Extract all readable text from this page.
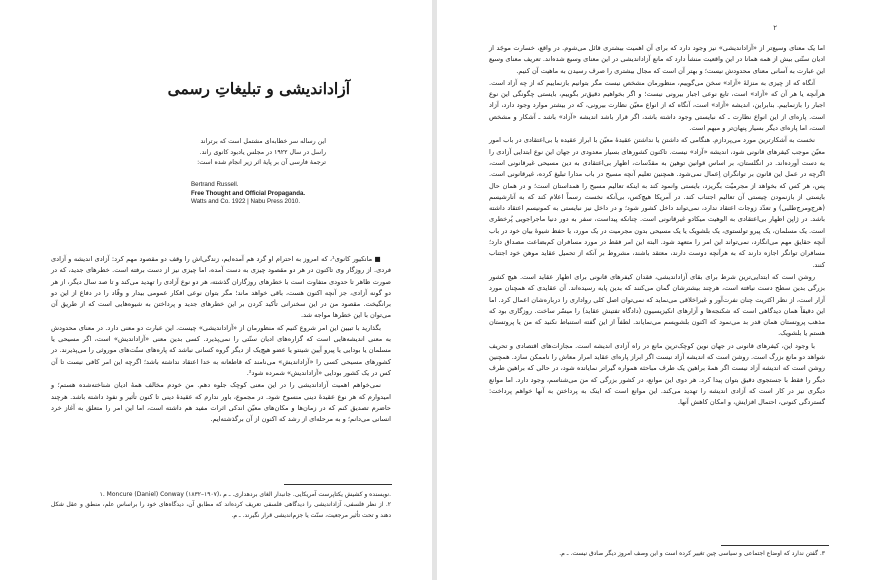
آزاداندیشی و تبلیغاتِ رسمی
این رساله سر خطابه‌ای مشتمل است که برتراند راسل در سال ۱۹۲۲ در مجلس یادبود کانوی راند. ترجمهٔ فارسی آن بر پایهٔ اثر زیر انجام شده است:
Bertrand Russell.
Free Thought and Official Propaganda.
Watts and Co. 1922 | Nabu Press 2010.

■ مانکیور کانوی¹، که امروز به احترام او گرد هم آمده‌ایم، زندگی‌اش را وقف دو مقصود مهم کرد: آزادی اندیشه و آزادی فردی. از روزگار وی تاکنون در هر دو مقصود چیزی به دست آمده، اما چیزی نیز از دست برفته است. خطرهای جدید، که در صورت ظاهر تا حدودی متفاوت است با خطرهای روزگاران گذشته، هر دو نوع آزادی را تهدید می‌کند و تا صد سال دیگر، از هر دو گونه آزادی، جز آنچه اکنون هست، باقی خواهد ماند؛ مگر بتوان نوعی افکار عمومی بیدار و وقّاد را در دفاع از این دو برانگیخت. مقصود من در این سخنرانی تأکید کردن بر این خطرهای جدید و پرداختن به شیوه‌هایی است که از طریق آن می‌توان با این خطرها مواجه شد.

بگذارید با تبیین این امر شروع کنیم که منظورمان از «آزاداندیشی» چیست. این عبارت دو معنی دارد. در معنای محدودش به معنی اندیشه‌هایی است که گزاره‌های ادیان سنّتی را نمی‌پذیرد. کسی بدین معنی «آزاداندیش» است، اگر مسیحی یا مسلمان یا بودایی یا پیرو آیین شینتو یا عضو هیچ‌یک از دیگر گروه کسانی نباشد که پاره‌های سنّت‌های موروثی را می‌پذیرند. در کشورهای مسیحی کسی را «آزاداندیش» می‌نامند که قاطعانه به خدا اعتقاد نداشته باشد؛ اگرچه این امر کافی نیست تا آن کس در یک کشور بودایی «آزاداندیش» شمرده شود².

نمی‌خواهم اهمیت آزاداندیشی را در این معنی کوچک جلوه دهم. من خودم مخالف همهٔ ادیان شناخته‌شده هستم؛ و امیدوارم که هر نوع عقیدهٔ دینی منسوخ شود. در مجموع، باور ندارم که عقیدهٔ دینی تا کنون تأثیر و نفوذ داشته باشد. هرچند حاضرم تصدیق کنم که در زمان‌ها و مکان‌های معیّن اندکی اثرات مفید هم داشته است، اما این امر را متعلق به آغاز خرد انسانی می‌دانم؛ و به مرحله‌ای از رشد که اکنون از آن برگذشته‌ایم.

۱. Moncure (Daniel) Conway (۱۸۳۲–۱۹۰۷)، نویسنده و کشیش یکتاپرست آمریکایی. جانبدار الغای بردهداری. ـ م.

۲. از نظر فلسفی، آزاداندیشی را دیدگاهی فلسفی تعریف کرده‌اند که مطابق آن، دیدگاه‌های خود را براساس علم، منطق و عقل شکل دهند و تحت تأثیر مرجعیت، سنّت یا جزم‌اندیشی قرار نگیرند. ـ م.

۲

اما یک معنای وسیع‌تر از «آزاداندیشی» نیز وجود دارد که برای آن اهمیت بیشتری قائل می‌شوم. در واقع، خسارت موجَد از ادیان سنّتی بیش از همه همانا در این واقعیت منشأ دارد که مانع آزاداندیشی در این معنای وسیع شده‌اند. تعریف معنای وسیع این عبارت به آسانی معنای محدودش نیست؛ و بهتر آن است که مجال بیشتری را صرف رسیدن به ماهیت آن کنیم.

آنگاه که از چیزی به منزلهٔ «آزاد» سخن می‌گوییم، منظورمان مشخص نیست مگر بتوانیم بازنماییم که از چه آزاد است. هرآنچه یا هر آن که «آزاد» است، تابع نوعی اجبار بیرونی نیست؛ و اگر بخواهیم دقیق‌تر بگوییم، بایستی چگونگی این نوع اجبار را بازنماییم. بنابراین، اندیشه «آزاد» است، آنگاه که از انواع معیّن نظارت بیرونی، که در بیشتر موارد وجود دارد، آزاد است. پاره‌ای از این انواع نظارت ـ که نبایستی وجود داشته باشد، اگر قرار باشد اندیشه «آزاد» باشد ـ آشکار و مشخص است، اما پاره‌ای دیگر بسیار پنهان‌تر و مبهم است.

نخست به آشکارترین مورد می‌پردازم. هنگامی که داشتن یا نداشتن عقیدهٔ معیّن با ابراز عقیده یا بی‌اعتقادی در باب امور معیّن موجب کیفرهای قانونی شود، اندیشه «آزاد» نیست. تاکنون کشورهای بسیار معدودی در جهان این نوع ابتدایی آزادی را به دست آورده‌اند. در انگلستان، بر اساس قوانین توهین به مقدّسات، اظهار بی‌اعتقادی به دین مسیحی غیرقانونی است، اگرچه در عمل این قانون بر توانگران اِعمال نمی‌شود. همچنین تعلیم آنچه مسیح در باب مدارا تبلیغ کرده، غیرقانونی است. پس، هر کس که بخواهد از مجرمیّت بگریزد، بایستی وانمود کند به اینکه تعالیم مسیح را همداستان است؛ و در همان حال بایستی از بازنمودن چیستی آن تعالیم اجتناب کند. در آمریکا هیچ‌کس، بی‌آنکه نخست رسماً اعلام کند که به آنارشیسم (هرج‌ومرج‌طلبی) و تعدّد زوجات اعتقاد ندارد، نمی‌تواند داخل کشور شود؛ و در داخل نیز نبایستی به کمونیسم اعتقاد داشته باشد. در ژاپن اظهار بی‌اعتقادی به الوهیت میکادو غیرقانونی است. چنانکه پیداست، سفر به دور دنیا ماجراجویی پُرخطری است. یک مسلمان، یک پیرو تولستوی، یک بلشویک یا یک مسیحی بدون مجرمیت در یک مورد، یا حفظ شیوهٔ بیان خود در باب آنچه حقایق مهم می‌انگارد، نمی‌تواند این امر را متعهد شود. البته این امر فقط در مورد مسافران کم‌بضاعت مصداق دارد؛ مسافران توانگر اجازه دارند که به هرآنچه دوست دارند، معتقد باشند، مشروط بر آنکه از تحمیل عقاید موهن خود اجتناب کنند.

روشن است که ابتدایی‌ترین شرط برای بقای آزاداندیشی، فقدان کیفرهای قانونی برای اظهار عقاید است. هیچ کشور بزرگی بدین سطح دست نیافته است، هرچند بیشترشان گمان می‌کنند که بدین پایه رسیده‌اند. آن عقایدی که همچنان مورد آزار است، از نظر اکثریت چنان نفرت‌آور و غیراخلاقی می‌نماید که نمی‌توان اصل کلی رواداری را درباره‌شان اعمال کرد. اما این دقیقاً همان دیدگاهی است که شکنجه‌ها و آزارهای انکیزیسیون (دادگاه تفتیش عقاید) را میسّر ساخت. روزگاری بود که مذهب پروتستان همان قدر بد می‌نمود که اکنون بلشویسم می‌نمایاند. لطفاً از این گفته استنباط نکنید که من یا پروتستان هستم یا بلشویک.

با وجود این، کیفرهای قانونی در جهان نوین کوچک‌ترین مانع در راه آزادی اندیشه است. مجازات‌های اقتصادی و تحریف شواهد دو مانع بزرگ است. روشن است که اندیشه آزاد نیست اگر ابراز پاره‌ای عقاید امرار معاش را ناممکن سازد. همچنین روشن است که اندیشه آزاد نیست اگر همهٔ براهین یک طرف مباحثه همواره گیراتر نمایانده شود، در حالی که براهین طرف دیگر را فقط با جستجوی دقیق بتوان پیدا کرد. هر دوی این موانع، در کشور بزرگی که من می‌شناسم، وجود دارد. اما موانع دیگری نیز در کار است که آزادی اندیشه را تهدید می‌کند. این موانع است که اینک به پرداختن به آنها خواهم پرداخت: گستردگی کنونی، احتمال افزایش، و امکان کاهش آنها.

۳. گفتن ندارد که اوضاع اجتماعی و سیاسی چین تغییر کرده است و این وصف امروز دیگر صادق نیست. ـ م.
